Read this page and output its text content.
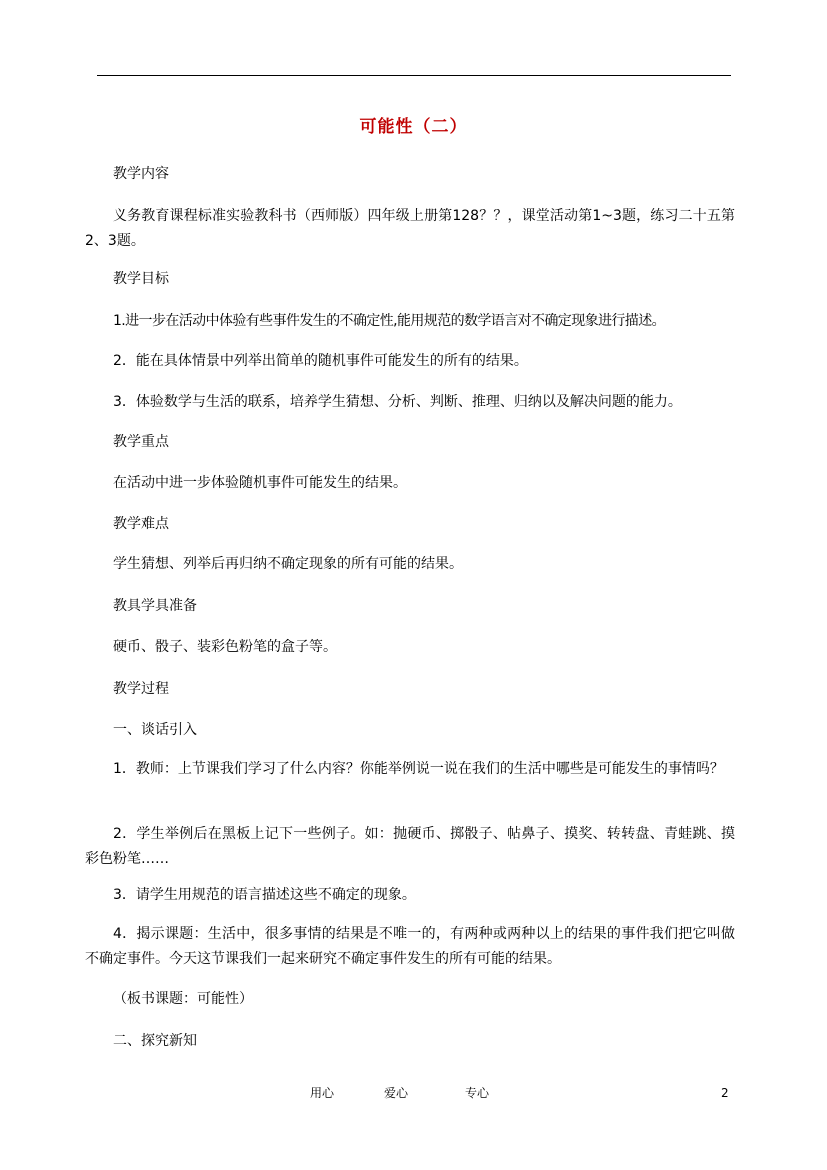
可能性（二）
教学内容
义务教育课程标准实验教科书（西师版）四年级上册第128？？，课堂活动第1~3题，练习二十五第2、3题。
教学目标
1.进一步在活动中体验有些事件发生的不确定性,能用规范的数学语言对不确定现象进行描述。
2．能在具体情景中列举出简单的随机事件可能发生的所有的结果。
3．体验数学与生活的联系，培养学生猜想、分析、判断、推理、归纳以及解决问题的能力。
教学重点
在活动中进一步体验随机事件可能发生的结果。
教学难点
学生猜想、列举后再归纳不确定现象的所有可能的结果。
教具学具准备
硬币、骰子、装彩色粉笔的盒子等。
教学过程
一、谈话引入
1．教师：上节课我们学习了什么内容？你能举例说一说在我们的生活中哪些是可能发生的事情吗？
2．学生举例后在黑板上记下一些例子。如：抛硬币、掷骰子、帖鼻子、摸奖、转转盘、青蛙跳、摸彩色粉笔……
3．请学生用规范的语言描述这些不确定的现象。
4．揭示课题：生活中，很多事情的结果是不唯一的，有两种或两种以上的结果的事件我们把它叫做不确定事件。今天这节课我们一起来研究不确定事件发生的所有可能的结果。
（板书课题：可能性）
二、探究新知
用心	爱心	专心	2
